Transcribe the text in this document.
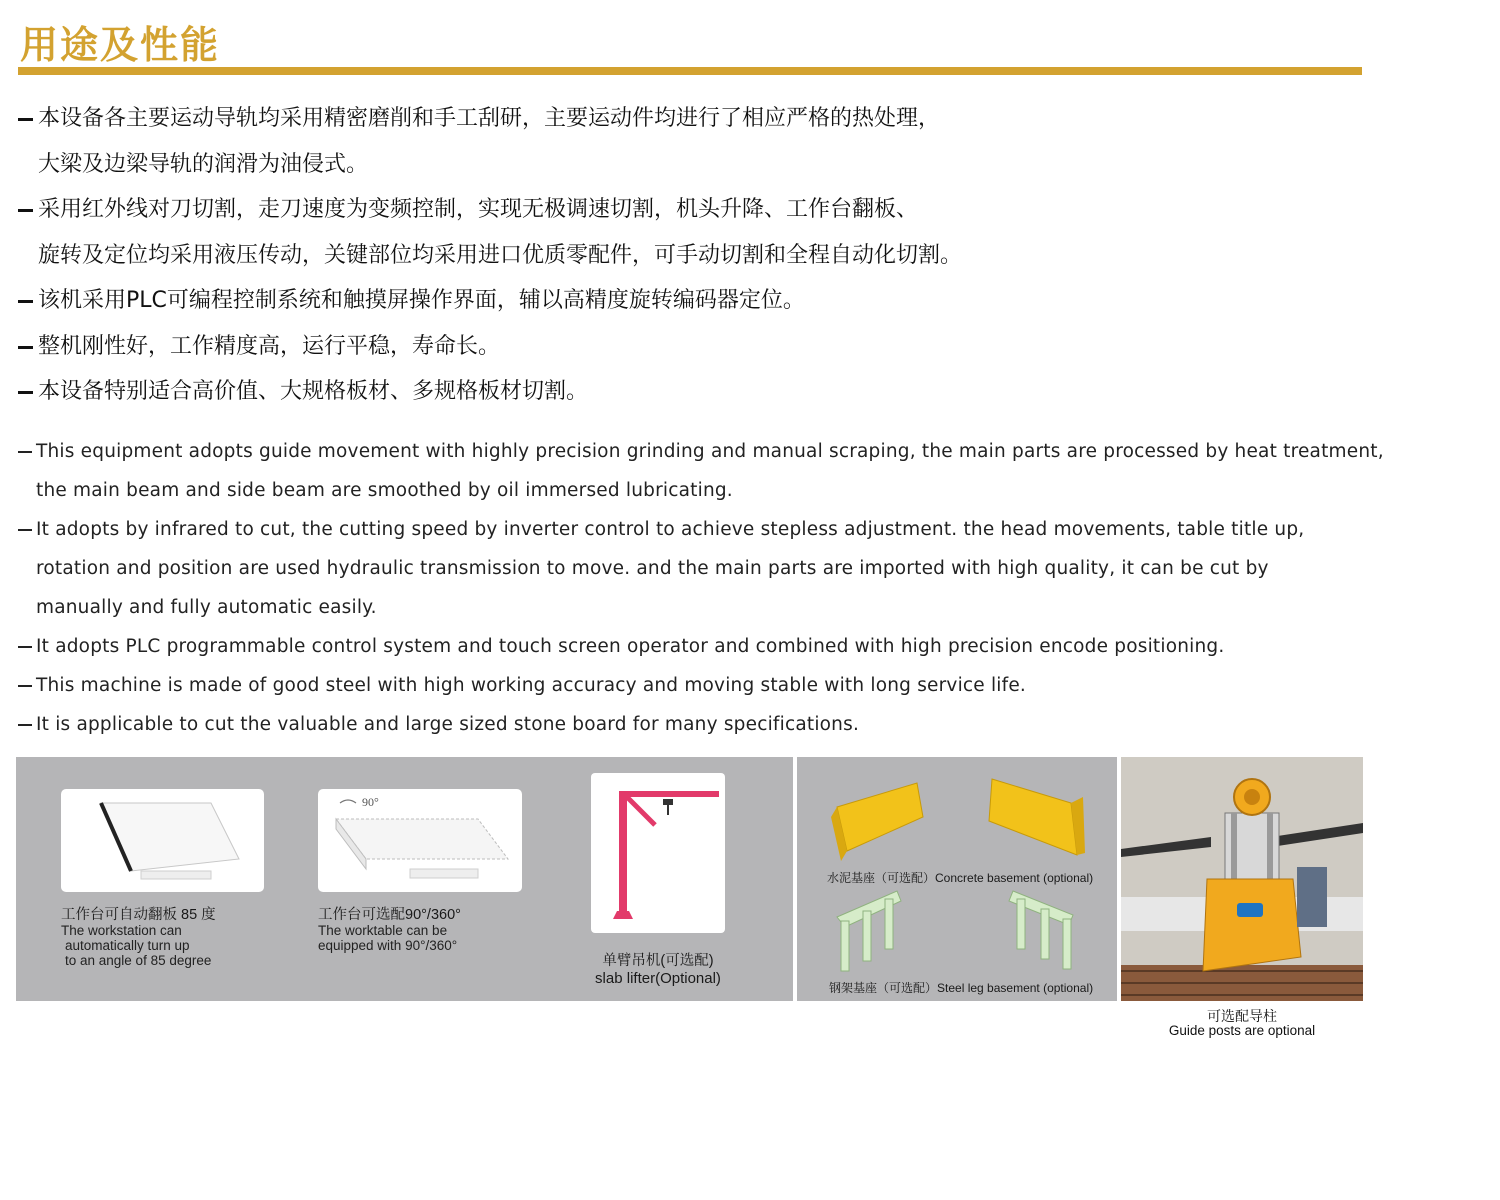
用途及性能
本设备各主要运动导轨均采用精密磨削和手工刮研，主要运动件均进行了相应严格的热处理，
大梁及边梁导轨的润滑为油侵式。
采用红外线对刀切割，走刀速度为变频控制，实现无极调速切割，机头升降、工作台翻板、
旋转及定位均采用液压传动，关键部位均采用进口优质零配件，可手动切割和全程自动化切割。
该机采用PLC可编程控制系统和触摸屏操作界面，辅以高精度旋转编码器定位。
整机刚性好，工作精度高，运行平稳，寿命长。
本设备特别适合高价值、大规格板材、多规格板材切割。
This equipment adopts guide movement with highly precision grinding and manual scraping, the main parts are processed by heat treatment,
the main beam and side beam are smoothed by oil immersed lubricating.
It adopts by infrared to cut, the cutting speed by inverter control to achieve stepless adjustment. the head movements, table title up,
rotation and position are used hydraulic transmission to move. and the main parts are imported with high quality, it can be cut by
manually and fully automatic easily.
It adopts PLC programmable control system and touch screen operator and combined with high precision encode positioning.
This machine is made of good steel with high working accuracy and moving stable with long service life.
It is applicable to cut the valuable and large sized stone board for many specifications.
工作台可自动翻板 85 度
The workstation can
automatically turn up
to an angle of 85 degree
90°
工作台可选配90°/360°
The worktable can be
equipped with 90°/360°
单臂吊机(可选配)
slab lifter(Optional)
水泥基座（可选配）Concrete basement (optional)
钢架基座（可选配）Steel leg basement (optional)
可选配导柱
Guide posts are optional
